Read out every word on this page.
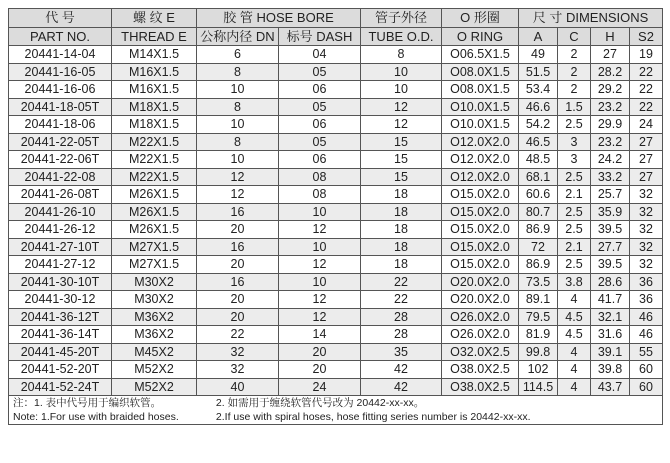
代 号	螺 纹 E	胶 管 HOSE BORE		管子外径	O 形圈	尺 寸 DIMENSIONS			
PART NO.	THREAD E	公称内径 DN	标号 DASH	TUBE O.D.	O RING	A	C	H	S2
20441-14-04	M14X1.5	6	04	8	O06.5X1.5	49	2	27	19
20441-16-05	M16X1.5	8	05	10	O08.0X1.5	51.5	2	28.2	22
20441-16-06	M16X1.5	10	06	10	O08.0X1.5	53.4	2	29.2	22
20441-18-05T	M18X1.5	8	05	12	O10.0X1.5	46.6	1.5	23.2	22
20441-18-06	M18X1.5	10	06	12	O10.0X1.5	54.2	2.5	29.9	24
20441-22-05T	M22X1.5	8	05	15	O12.0X2.0	46.5	3	23.2	27
20441-22-06T	M22X1.5	10	06	15	O12.0X2.0	48.5	3	24.2	27
20441-22-08	M22X1.5	12	08	15	O12.0X2.0	68.1	2.5	33.2	27
20441-26-08T	M26X1.5	12	08	18	O15.0X2.0	60.6	2.1	25.7	32
20441-26-10	M26X1.5	16	10	18	O15.0X2.0	80.7	2.5	35.9	32
20441-26-12	M26X1.5	20	12	18	O15.0X2.0	86.9	2.5	39.5	32
20441-27-10T	M27X1.5	16	10	18	O15.0X2.0	72	2.1	27.7	32
20441-27-12	M27X1.5	20	12	18	O15.0X2.0	86.9	2.5	39.5	32
20441-30-10T	M30X2	16	10	22	O20.0X2.0	73.5	3.8	28.6	36
20441-30-12	M30X2	20	12	22	O20.0X2.0	89.1	4	41.7	36
20441-36-12T	M36X2	20	12	28	O26.0X2.0	79.5	4.5	32.1	46
20441-36-14T	M36X2	22	14	28	O26.0X2.0	81.9	4.5	31.6	46
20441-45-20T	M45X2	32	20	35	O32.0X2.5	99.8	4	39.1	55
20441-52-20T	M52X2	32	20	42	O38.0X2.5	102	4	39.8	60
20441-52-24T	M52X2	40	24	42	O38.0X2.5	114.5	4	43.7	60
注：1. 表中代号用于编织软管。 2. 如需用于缠绕软管代号改为 20442-xx-xx。									
Note: 1.For use with braided hoses. 2.If use with spiral hoses, hose fitting series number is 20442-xx-xx.									
